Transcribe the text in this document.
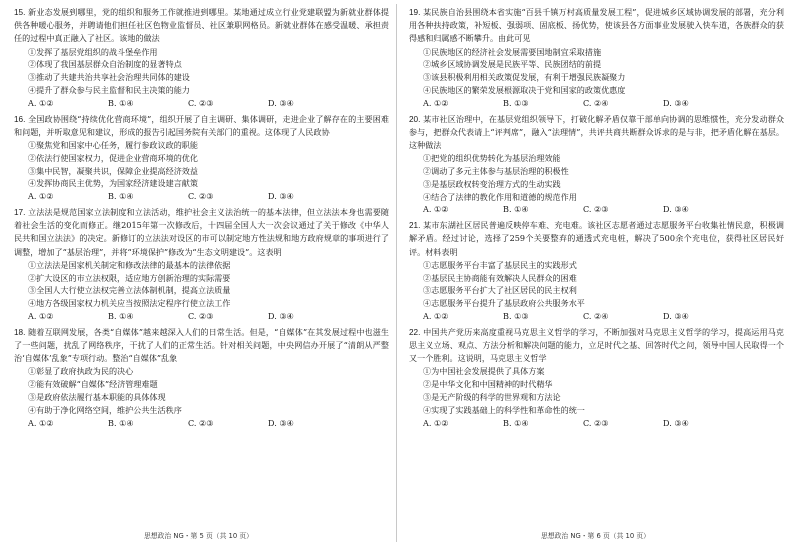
15. 新业态发展到哪里，党的组织和服务工作就推进到哪里。某地通过成立行业党建联盟为新就业群体提供各种暖心服务，并聘请他们担任社区色物业监督员、社区兼职网格员。新就业群体在感受温暖、承担责任的过程中真正融入了社区。该地的做法
①发挥了基层党组织的战斗堡垒作用
②体现了我国基层群众自治制度的显著特点
③推动了共建共治共享社会治理共同体的建设
④提升了群众参与民主监督和民主决策的能力
A. ①②	B. ①④	C. ②③	D. ③④
16. 全国政协围绕“持续优化营商环境”，组织开展了自主调研、集体调研，走进企业了解存在的主要困难和问题，并听取意见和建议，形成的报告引起国务院有关部门的重视。这体现了人民政协
①聚焦党和国家中心任务，履行参政议政的职能
②依法行使国家权力，促进企业营商环境的优化
③集中民智，凝聚共识，保障企业提高经济效益
④发挥协商民主优势，为国家经济建设建言献策
A. ①②	B. ①④	C. ②③	D. ③④
17. 立法法是规范国家立法制度和立法活动，维护社会主义法治统一的基本法律，但立法法本身也需要随着社会生活的变化而修正。继2015年第一次修改后，十四届全国人大一次会议通过了关于修改《中华人民共和国立法法》的决定。新修订的立法法对设区的市可以制定地方性法规和地方政府规章的事项进行了调整，增加了“基层治理”，并将“环境保护”修改为“生态文明建设”。这表明
①立法法是国家机关制定和修改法律的最基本的法律依据
②扩大设区的市立法权限，适应地方创新治理的实际需要
③全国人大行使立法权完善立法体制机制，提高立法质量
④地方各级国家权力机关应当按照法定程序行使立法工作
A. ①②	B. ①④	C. ②③	D. ③④
18. 随着互联网发展，各类“自媒体”越来越深入人们的日常生活。但是，“自媒体”在其发展过程中也滋生了一些问题，扰乱了网络秩序，干扰了人们的正常生活。针对相关问题，中央网信办开展了“清朗从严整治‘自媒体’乱象”专项行动。整治“自媒体”乱象
①彰显了政府执政为民的决心
②能有效破解“自媒体”经济管理难题
③是政府依法履行基本职能的具体体现
④有助于净化网络空间，维护公共生活秩序
A. ①②	B. ①④	C. ②③	D. ③④
思想政治 NG・第 5 页（共 10 页）
19. 某民族自治县围绕本省实施“百县千镇万村高质量发展工程”，促进城乡区域协调发展的部署，充分利用各种扶持政策，补短板、强弱项、固底板、扬优势，使该县各方面事业发展驶入快车道，各族群众的获得感和归属感不断攀升。由此可见
①民族地区的经济社会发展需要国地制宜采取措施
②城乡区域协调发展是民族平等、民族团结的前提
③该县积极利用相关政策促发展，有利于增强民族凝聚力
④民族地区的繁荣发展根源取决于党和国家的政策优惠度
A. ①②	B. ①③	C. ②④	D. ③④
20. 某市社区治理中，在基层党组织领导下，打破化解矛盾仅靠干部单向协调的思维惯性，充分发动群众参与，把群众代表请上“评判席”，融入“法理情”，共评共商共断群众诉求的是与非，把矛盾化解在基层。这种做法
①把党的组织优势转化为基层治理效能
②调动了多元主体参与基层治理的积极性
③是基层政权转变治理方式的生动实践
④结合了法律的教化作用和道德的规范作用
A. ①②	B. ①④	C. ②③	D. ③④
21. 某市东湖社区居民普遍反映停车难、充电难。该社区志愿者通过志愿服务平台收集社情民意，积极调解矛盾。经过讨论，选择了259个关要整弃的通透式充电桩，解决了500余个充电位，获得社区居民好评。材料表明
①志愿服务平台丰富了基层民主的实践形式
②基层民主协商能有效解决人民群众的困难
③志愿服务平台扩大了社区居民的民主权利
④志愿服务平台提升了基层政府公共服务水平
A. ①②	B. ①③	C. ②④	D. ③④
22. 中国共产党历来高度重视马克思主义哲学的学习，不断加强对马克思主义哲学的学习，提高运用马克思主义立场、观点、方法分析和解决问题的能力，立足时代之基、回答时代之问，领导中国人民取得一个又一个胜利。这说明，马克思主义哲学
①为中国社会发展提供了具体方案
②是中华文化和中国精神的时代精华
③是无产阶级的科学的世界观和方法论
④实现了实践基础上的科学性和革命性的统一
A. ①②	B. ①④	C. ②③	D. ③④
思想政治 NG・第 6 页（共 10 页）
